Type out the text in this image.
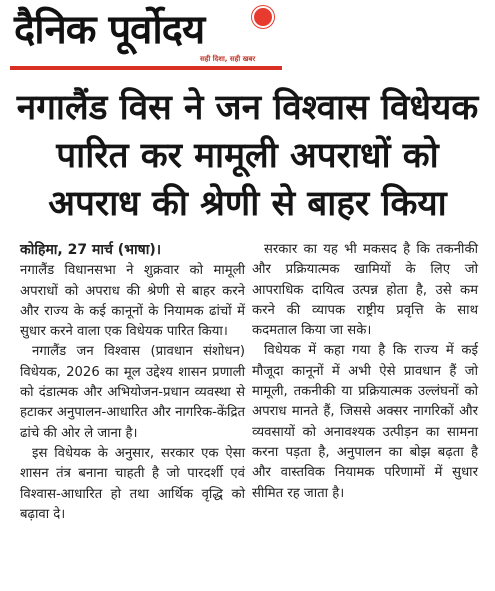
दैनिक पूर्वोदय
सही दिशा, सही खबर
नगालैंड विस ने जन विश्वास विधेयक पारित कर मामूली अपराधों को अपराध की श्रेणी से बाहर किया

कोहिमा, 27 मार्च (भाषा)।
नगालैंड विधानसभा ने शुक्रवार को मामूली अपराधों को अपराध की श्रेणी से बाहर करने और राज्य के कई कानूनों के नियामक ढांचों में सुधार करने वाला एक विधेयक पारित किया।

नगालैंड जन विश्वास (प्रावधान संशोधन) विधेयक, 2026 का मूल उद्देश्य शासन प्रणाली को दंडात्मक और अभियोजन-प्रधान व्यवस्था से हटाकर अनुपालन-आधारित और नागरिक-केंद्रित ढांचे की ओर ले जाना है।

इस विधेयक के अनुसार, सरकार एक ऐसा शासन तंत्र बनाना चाहती है जो पारदर्शी एवं विश्वास-आधारित हो तथा आर्थिक वृद्धि को बढ़ावा दे।

सरकार का यह भी मकसद है कि तकनीकी और प्रक्रियात्मक खामियों के लिए जो आपराधिक दायित्व उत्पन्न होता है, उसे कम करने की व्यापक राष्ट्रीय प्रवृत्ति के साथ कदमताल किया जा सके।

विधेयक में कहा गया है कि राज्य में कई मौजूदा कानूनों में अभी ऐसे प्रावधान हैं जो मामूली, तकनीकी या प्रक्रियात्मक उल्लंघनों को अपराध मानते हैं, जिससे अक्सर नागरिकों और व्यवसायों को अनावश्यक उत्पीड़न का सामना करना पड़ता है, अनुपालन का बोझ बढ़ता है और वास्तविक नियामक परिणामों में सुधार सीमित रह जाता है।
